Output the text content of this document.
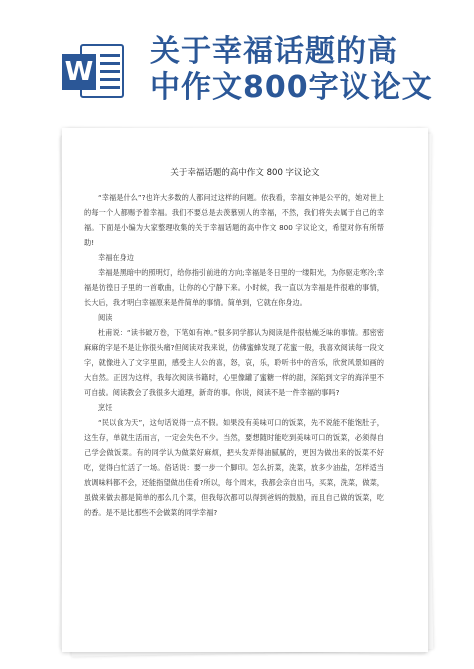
W
关于幸福话题的高
中作文800字议论文
关于幸福话题的高中作文 800 字议论文

“幸福是什么”?也许大多数的人都问过这样的问题。依我看，幸福女神是公平的，她对世上的每一个人都赐予着幸福。我们不要总是去羡慕别人的幸福，不然，我们将失去属于自己的幸福。下面是小编为大家整理收集的关于幸福话题的高中作文 800 字议论文，希望对你有所帮助!

幸福在身边

幸福是黑暗中的照明灯，给你指引前进的方向;幸福是冬日里的一缕阳光，为你驱走寒冷;幸福是彷徨日子里的一首歌曲，让你的心宁静下来。小时候，我一直以为幸福是件很难的事情，长大后，我才明白幸福原来是件简单的事情。简单到，它就在你身边。

阅读

杜甫说：“读书破万卷，下笔如有神。”很多同学都认为阅读是件很枯燥乏味的事情。那密密麻麻的字是不是让你很头痛?但阅读对我来说，仿佛蜜蜂发现了花蜜一般，我喜欢阅读每一段文字，就像进入了文字里面，感受主人公的喜，怒，哀，乐，聆听书中的音乐，欣赏风景如画的大自然。正因为这样，我每次阅读书籍时，心里像罐了蜜糖一样的甜，深陷到文字的海洋里不可自拔。阅读教会了我很多大道理，新奇的事。你说，阅读不是一件幸福的事吗?

烹饪

“民以食为天”，这句话说得一点不假。如果没有美味可口的饭菜，先不说能不能饱肚子，这生存，单就生活而言，一定会失色不少。当然，要想随时能吃到美味可口的饭菜，必须得自己学会做饭菜。有的同学认为做菜好麻烦，把头发弄得油腻腻的，更因为做出来的饭菜不好吃，觉得白忙活了一场。俗话说：要一步一个脚印。怎么折菜，洗菜，放多少油盐，怎样适当放调味料都不会，还能指望做出佳肴?所以，每个周末，我都会亲自出马，买菜，洗菜，做菜，虽做来做去都是简单的那么几个菜，但我每次都可以得到爸妈的鼓励，而且自己做的饭菜，吃的香。是不是比那些不会做菜的同学幸福?
